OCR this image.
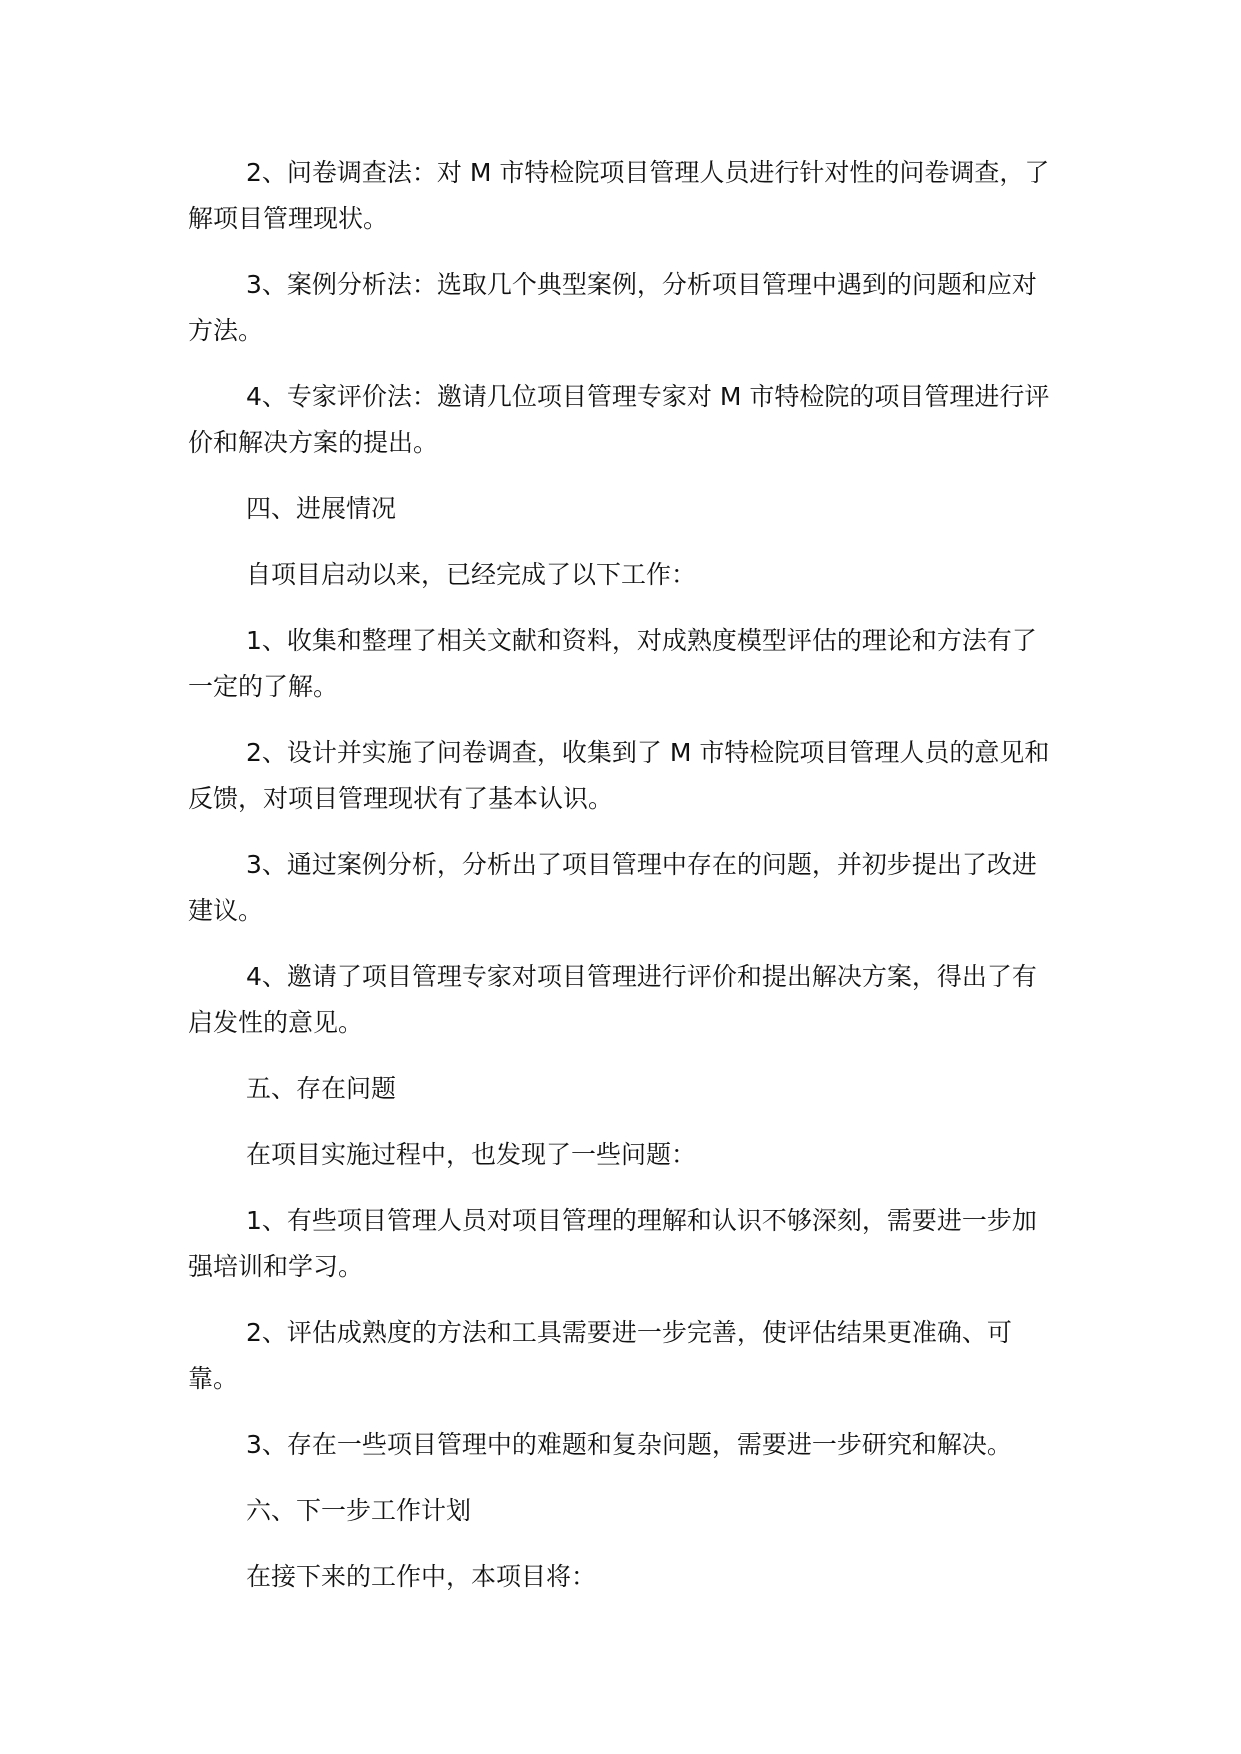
2、问卷调查法：对 M 市特检院项目管理人员进行针对性的问卷调查，了解项目管理现状。

3、案例分析法：选取几个典型案例，分析项目管理中遇到的问题和应对方法。

4、专家评价法：邀请几位项目管理专家对 M 市特检院的项目管理进行评价和解决方案的提出。

四、进展情况

自项目启动以来，已经完成了以下工作：

1、收集和整理了相关文献和资料，对成熟度模型评估的理论和方法有了一定的了解。

2、设计并实施了问卷调查，收集到了 M 市特检院项目管理人员的意见和反馈，对项目管理现状有了基本认识。

3、通过案例分析，分析出了项目管理中存在的问题，并初步提出了改进建议。

4、邀请了项目管理专家对项目管理进行评价和提出解决方案，得出了有启发性的意见。

五、存在问题

在项目实施过程中，也发现了一些问题：

1、有些项目管理人员对项目管理的理解和认识不够深刻，需要进一步加强培训和学习。

2、评估成熟度的方法和工具需要进一步完善，使评估结果更准确、可靠。

3、存在一些项目管理中的难题和复杂问题，需要进一步研究和解决。

六、下一步工作计划

在接下来的工作中，本项目将：
